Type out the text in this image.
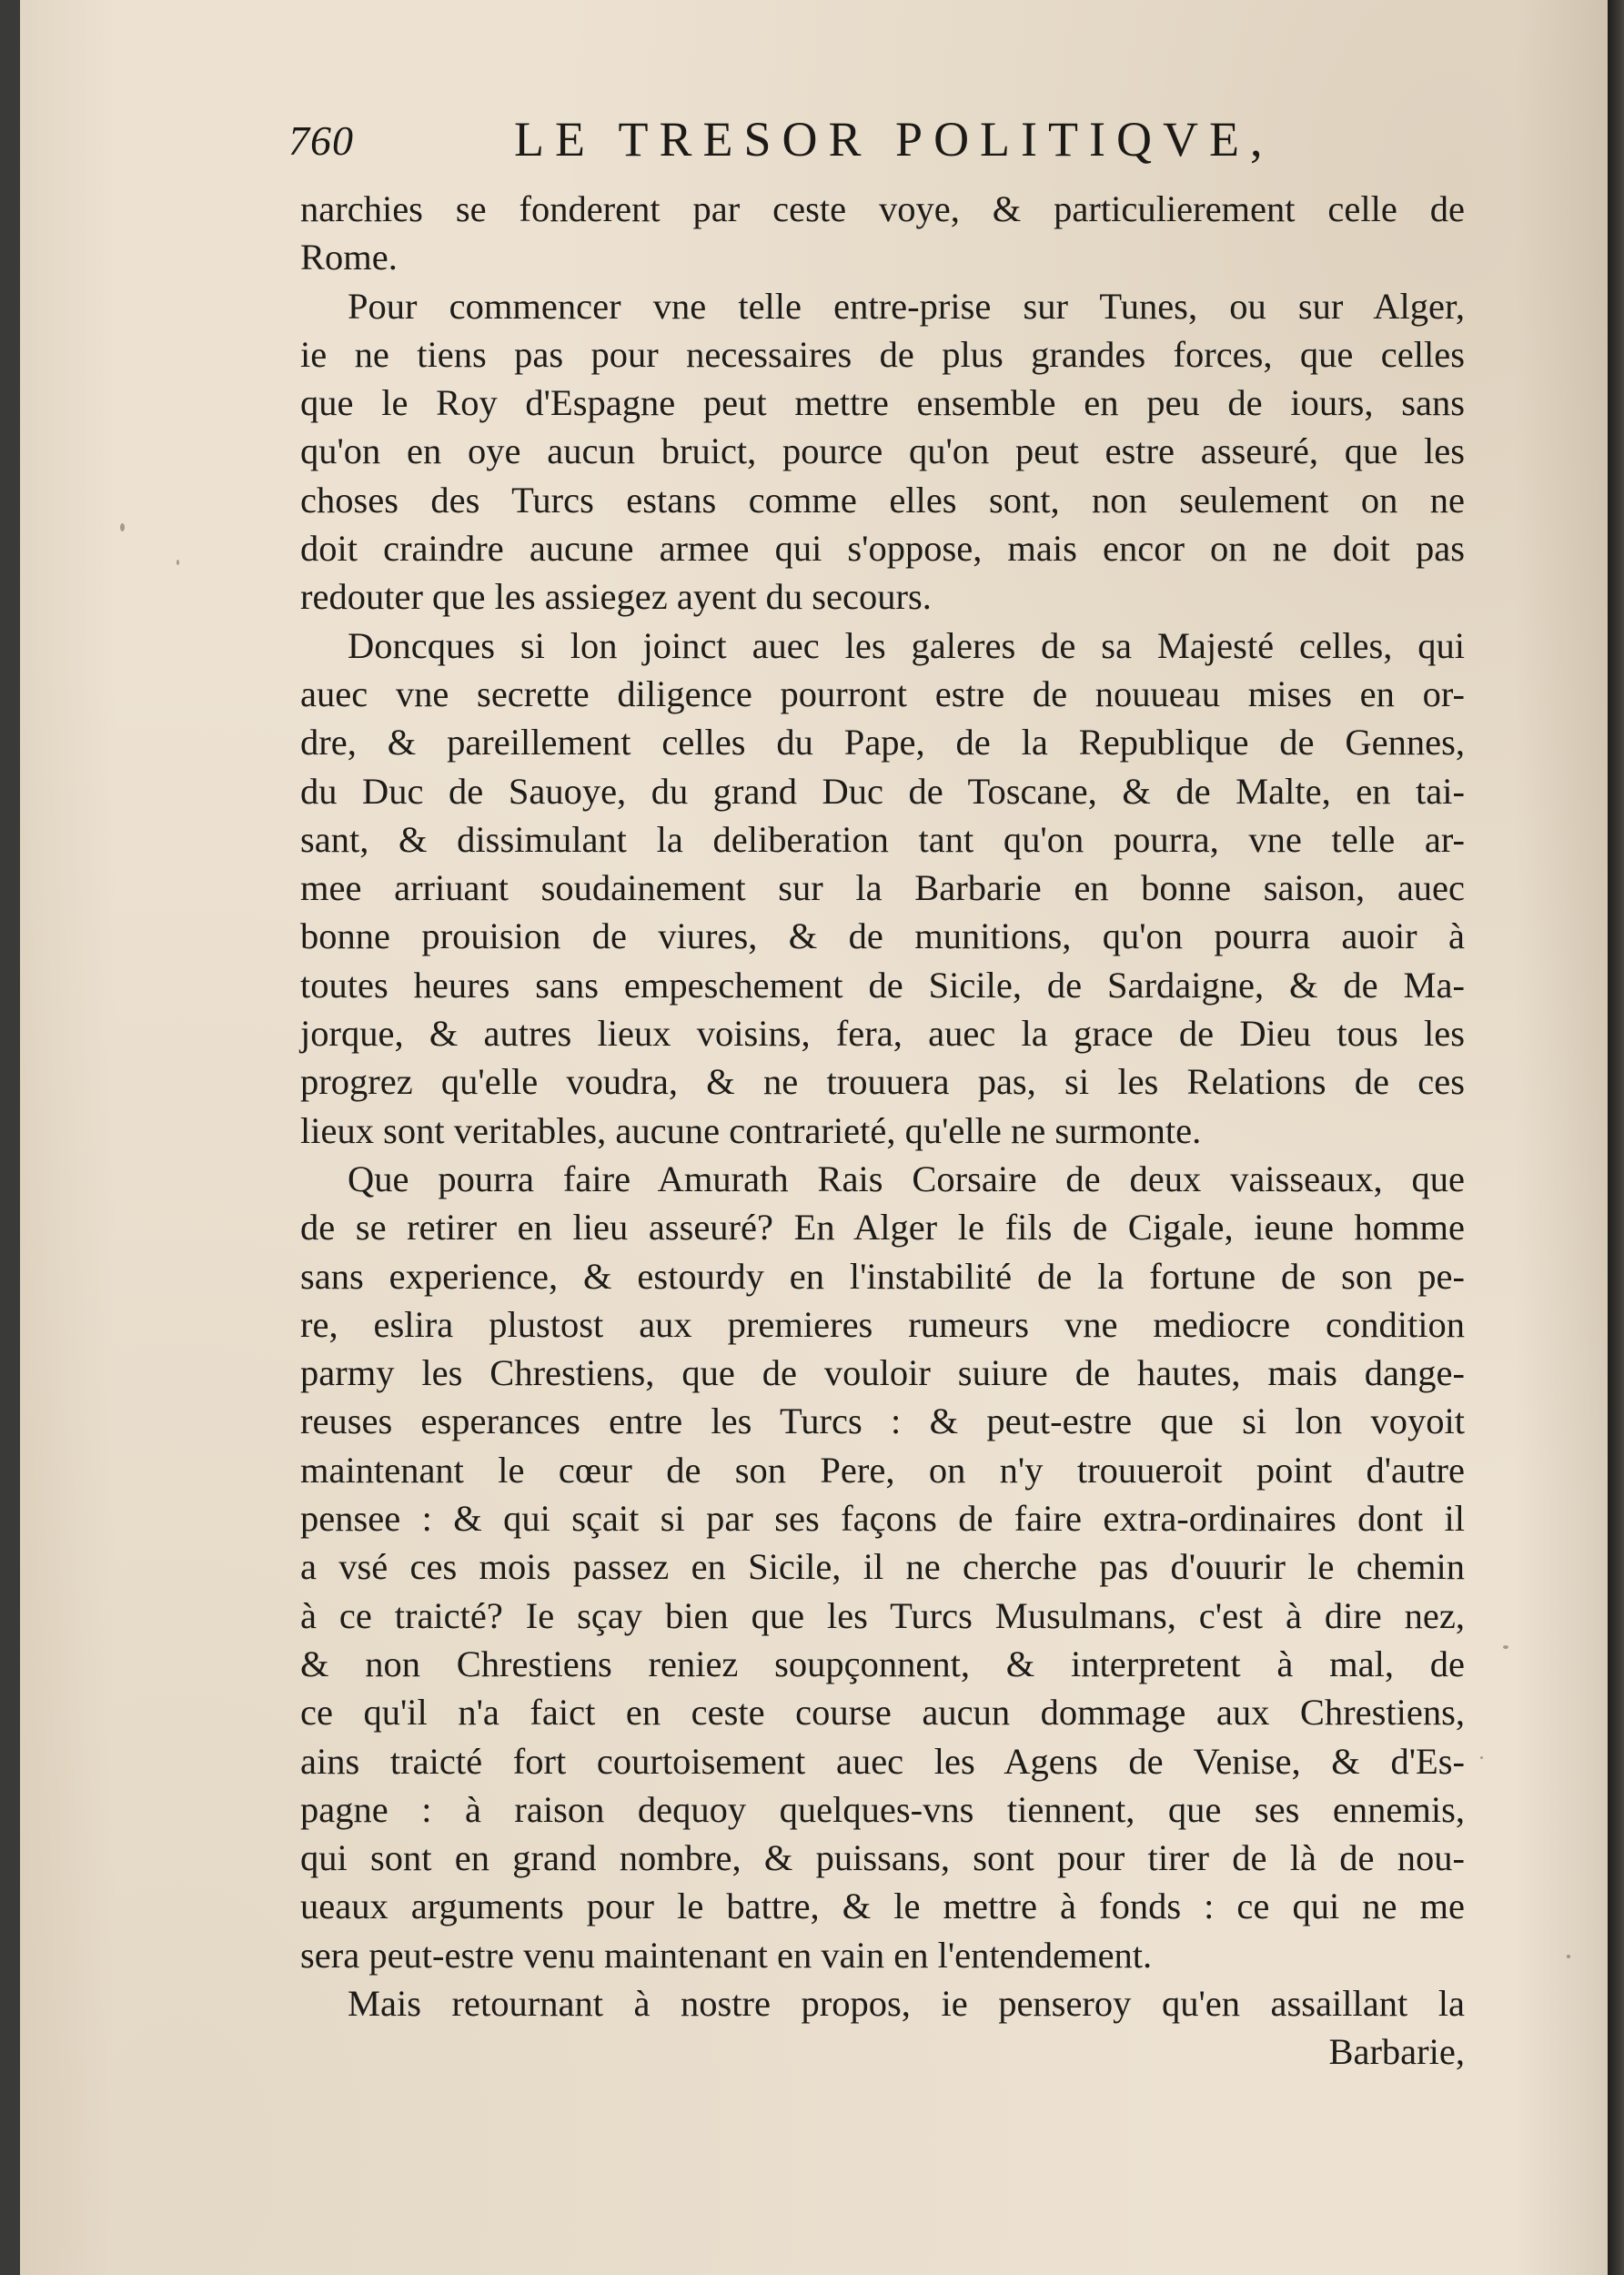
760	LE TRESOR POLITIQVE,
narchies se fonderent par ceste voye, & particulierement celle de
Rome.
Pour commencer vne telle entre-prise sur Tunes, ou sur Alger,
ie ne tiens pas pour necessaires de plus grandes forces, que celles
que le Roy d'Espagne peut mettre ensemble en peu de iours, sans
qu'on en oye aucun bruict, pource qu'on peut estre asseuré, que les
choses des Turcs estans comme elles sont, non seulement on ne
doit craindre aucune armee qui s'oppose, mais encor on ne doit pas
redouter que les assiegez ayent du secours.
Doncques si lon joinct auec les galeres de sa Majesté celles, qui
auec vne secrette diligence pourront estre de nouueau mises en or-
dre, & pareillement celles du Pape, de la Republique de Gennes,
du Duc de Sauoye, du grand Duc de Toscane, & de Malte, en tai-
sant, & dissimulant la deliberation tant qu'on pourra, vne telle ar-
mee arriuant soudainement sur la Barbarie en bonne saison, auec
bonne prouision de viures, & de munitions, qu'on pourra auoir à
toutes heures sans empeschement de Sicile, de Sardaigne, & de Ma-
jorque, & autres lieux voisins, fera, auec la grace de Dieu tous les
progrez qu'elle voudra, & ne trouuera pas, si les Relations de ces
lieux sont veritables, aucune contrarieté, qu'elle ne surmonte.
Que pourra faire Amurath Rais Corsaire de deux vaisseaux, que
de se retirer en lieu asseuré? En Alger le fils de Cigale, ieune homme
sans experience, & estourdy en l'instabilité de la fortune de son pe-
re, eslira plustost aux premieres rumeurs vne mediocre condition
parmy les Chrestiens, que de vouloir suiure de hautes, mais dange-
reuses esperances entre les Turcs : & peut-estre que si lon voyoit
maintenant le cœur de son Pere, on n'y trouueroit point d'autre
pensee : & qui sçait si par ses façons de faire extra-ordinaires dont il
a vsé ces mois passez en Sicile, il ne cherche pas d'ouurir le chemin
à ce traicté? Ie sçay bien que les Turcs Musulmans, c'est à dire nez,
& non Chrestiens reniez soupçonnent, & interpretent à mal, de
ce qu'il n'a faict en ceste course aucun dommage aux Chrestiens,
ains traicté fort courtoisement auec les Agens de Venise, & d'Es-
pagne : à raison dequoy quelques-vns tiennent, que ses ennemis,
qui sont en grand nombre, & puissans, sont pour tirer de là de nou-
ueaux arguments pour le battre, & le mettre à fonds : ce qui ne me
sera peut-estre venu maintenant en vain en l'entendement.
Mais retournant à nostre propos, ie penseroy qu'en assaillant la
Barbarie,
